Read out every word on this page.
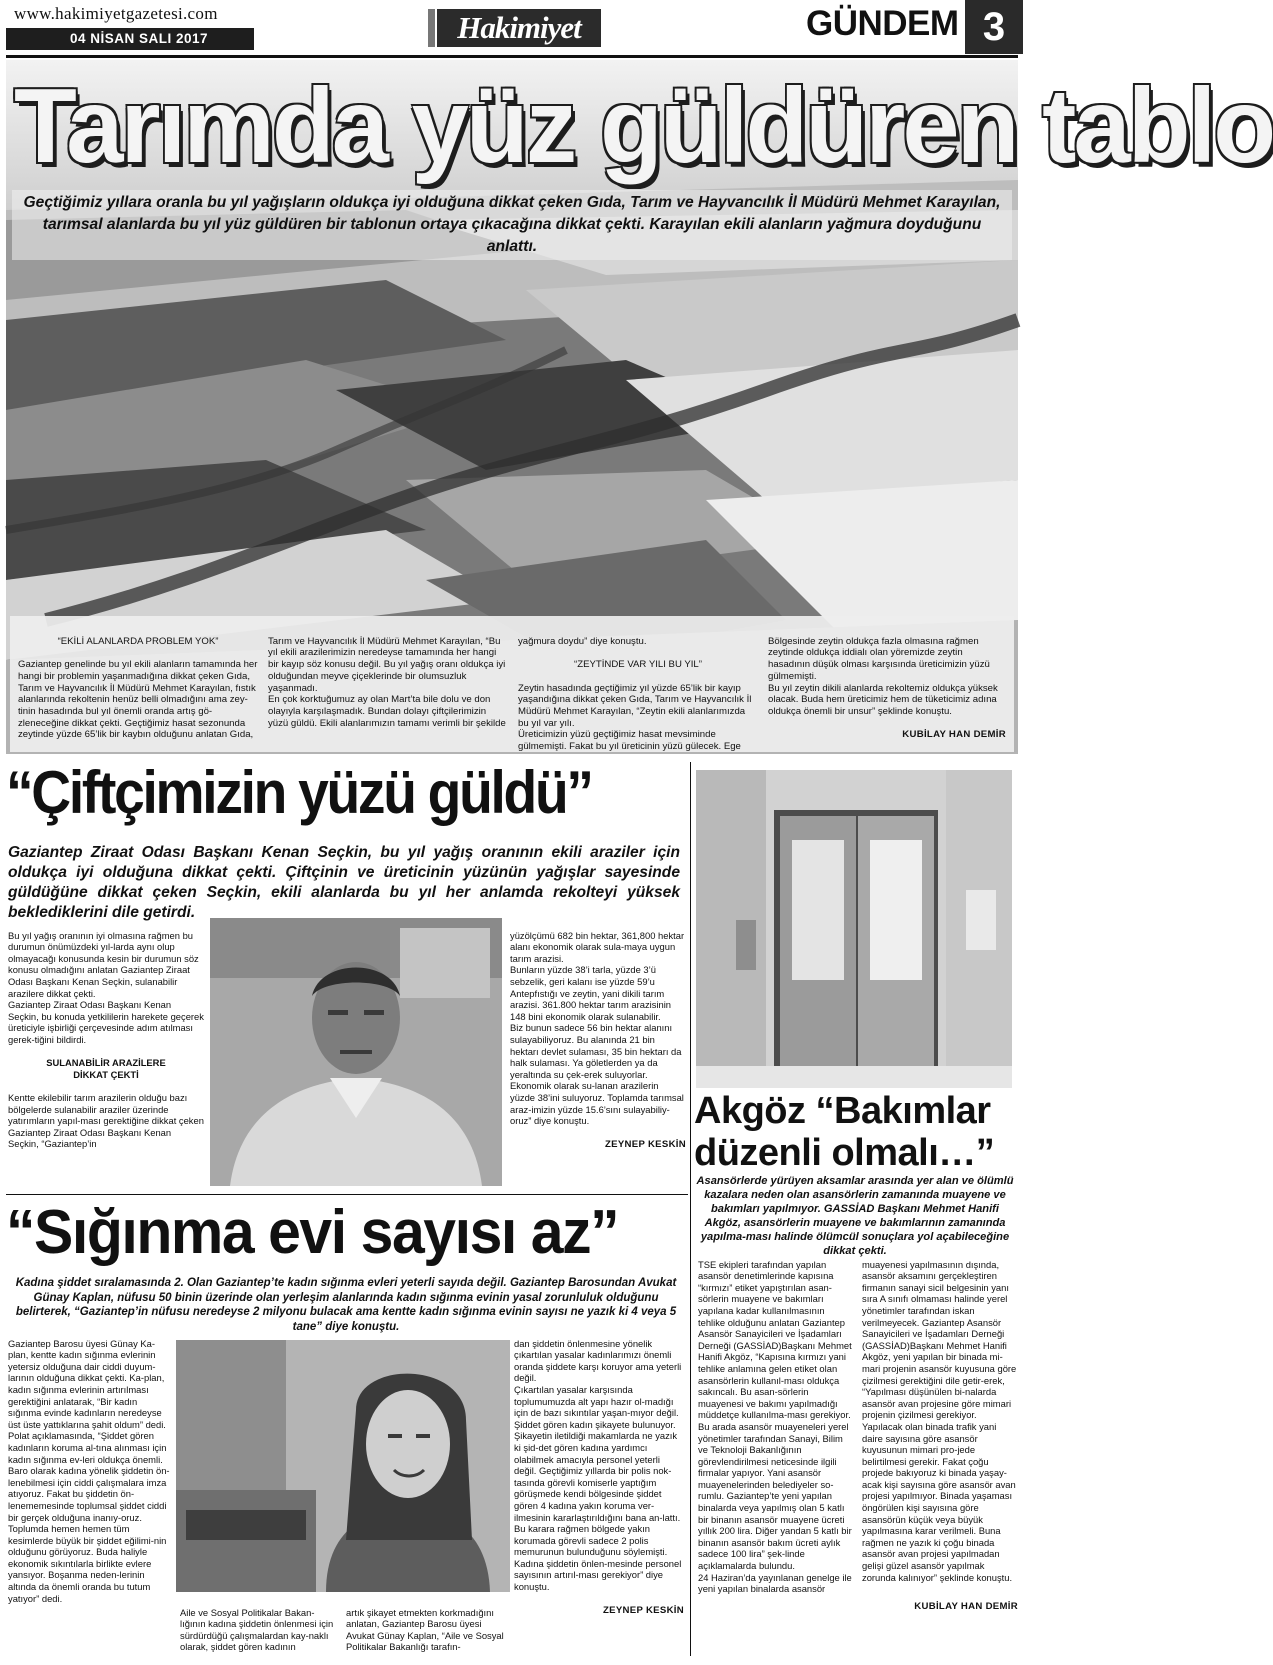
www.hakimiyetgazetesi.com
04 NİSAN SALI 2017	Hakimiyet	GÜNDEM 3
Tarımda yüz güldüren tablo
Geçtiğimiz yıllara oranla bu yıl yağışların oldukça iyi olduğuna dikkat çeken Gıda, Tarım ve Hayvancılık İl Müdürü Mehmet Karayılan, tarımsal alanlarda bu yıl yüz güldüren bir tablonun ortaya çıkacağına dikkat çekti. Karayılan ekili alanların yağmura doyduğunu anlattı.

“EKİLİ ALANLARDA PROBLEM YOK”

Gaziantep genelinde bu yıl ekili alanların tamamında her hangi bir problemin yaşanmadığına dikkat çeken Gıda, Tarım ve Hayvancılık İl Müdürü Mehmet Karayılan, fıstık alanlarında rekoltenin henüz belli olmadığını ama zey-tinin hasadında bul yıl önemli oranda artış gö-zleneceğine dikkat çekti. Geçtiğimiz hasat sezonunda zeytinde yüzde 65’lik bir kaybın olduğunu anlatan Gıda,

Tarım ve Hayvancılık İl Müdürü Mehmet Karayılan, “Bu yıl ekili arazilerimizin neredeyse tamamında her hangi bir kayıp söz konusu değil. Bu yıl yağış oranı oldukça iyi olduğundan meyve çiçeklerinde bir olumsuzluk yaşanmadı.
En çok korktuğumuz ay olan Mart’ta bile dolu ve don olayıyla karşılaşmadık. Bundan dolayı çiftçilerimizin yüzü güldü. Ekili alanlarımızın tamamı verimli bir şekilde

yağmura doydu” diye konuştu.

“ZEYTİNDE VAR YILI BU YIL”

Zeytin hasadında geçtiğimiz yıl yüzde 65’lik bir kayıp yaşandığına dikkat çeken Gıda, Tarım ve Hayvancılık İl Müdürü Mehmet Karayılan, “Zeytin ekili alanlarımızda bu yıl var yılı.
Üreticimizin yüzü geçtiğimiz hasat mevsiminde gülmemişti. Fakat bu yıl üreticinin yüzü gülecek. Ege

Bölgesinde zeytin oldukça fazla olmasına rağmen zeytinde oldukça iddialı olan yöremizde zeytin hasadının düşük olması karşısında üreticimizin yüzü gülmemişti.
Bu yıl zeytin dikili alanlarda rekoltemiz oldukça yüksek olacak. Buda hem üreticimiz hem de tüketicimiz adına oldukça önemli bir unsur” şeklinde konuştu.

KUBİLAY HAN DEMİR

“Çiftçimizin yüzü güldü”
Gaziantep Ziraat Odası Başkanı Kenan Seçkin, bu yıl yağış oranının ekili araziler için oldukça iyi olduğuna dikkat çekti. Çiftçinin ve üreticinin yüzünün yağışlar sayesinde güldüğüne dikkat çeken Seçkin, ekili alanlarda bu yıl her anlamda rekolteyi yüksek beklediklerini dile getirdi.

Bu yıl yağış oranının iyi olmasına rağmen bu durumun önümüzdeki yıl-larda aynı olup olmayacağı konusunda kesin bir durumun söz konusu olmadığını anlatan Gaziantep Ziraat Odası Başkanı Kenan Seçkin, sulanabilir arazilere dikkat çekti.
Gaziantep Ziraat Odası Başkanı Kenan Seçkin, bu konuda yetkililerin harekete geçerek üreticiyle işbirliği çerçevesinde adım atılması gerek-tiğini bildirdi.

SULANABİLİR ARAZİLERE
DİKKAT ÇEKTİ

Kentte ekilebilir tarım arazilerin olduğu bazı bölgelerde sulanabilir araziler üzerinde yatırımların yapıl-ması gerektiğine dikkat çeken Gaziantep Ziraat Odası Başkanı Kenan Seçkin, “Gaziantep’in

yüzölçümü 682 bin hektar, 361,800 hektar alanı ekonomik olarak sula-maya uygun tarım arazisi.
Bunların yüzde 38’i tarla, yüzde 3’ü sebzelik, geri kalanı ise yüzde 59’u Antepfıstığı ve zeytin, yani dikili tarım arazisi. 361.800 hektar tarım arazisinin 148 bini ekonomik olarak sulanabilir.
Biz bunun sadece 56 bin hektar alanını sulayabiliyoruz. Bu alanında 21 bin hektarı devlet sulaması, 35 bin hektarı da halk sulaması. Ya göletlerden ya da yeraltında su çek-erek suluyorlar. Ekonomik olarak su-lanan arazilerin yüzde 38’ini suluyoruz. Toplamda tarımsal araz-imizin yüzde 15.6’sını sulayabiliy-oruz” diye konuştu.

ZEYNEP KESKİN

Akgöz “Bakımlar
düzenli olmalı…”
Asansörlerde yürüyen aksamlar arasında yer alan ve ölümlü kazalara neden olan asansörlerin zamanında muayene ve bakımları yapılmıyor. GASSİAD Başkanı Mehmet Hanifi Akgöz, asansörlerin muayene ve bakımlarının zamanında yapılma-ması halinde ölümcül sonuçlara yol açabileceğine dikkat çekti.

TSE ekipleri tarafından yapılan asansör denetimlerinde kapısına “kırmızı” etiket yapıştırılan asan-sörlerin muayene ve bakımları yapılana kadar kullanılmasının tehlike olduğunu anlatan Gaziantep Asansör Sanayicileri ve İşadamları Derneği (GASSİAD)Başkanı Mehmet Hanifi Akgöz, “Kapısına kırmızı yani tehlike anlamına gelen etiket olan asansörlerin kullanıl-ması oldukça sakıncalı. Bu asan-sörlerin muayenesi ve bakımı yapılmadığı müddetçe kullanılma-ması gerekiyor. Bu arada asansör muayeneleri yerel yönetimler tarafından Sanayi, Bilim ve Teknoloji Bakanlığının görevlendirilmesi neticesinde ilgili firmalar yapıyor. Yani asansör muayenelerinden belediyeler so-rumlu. Gaziantep’te yeni yapılan binalarda veya yapılmış olan 5 katlı bir binanın asansör muayene ücreti yıllık 200 lira. Diğer yandan 5 katlı bir binanın asansör bakım ücreti aylık sadece 100 lira” şek-linde açıklamalarda bulundu.
24 Haziran’da yayınlanan genelge ile yeni yapılan binalarda asansör

muayenesi yapılmasının dışında, asansör aksamını gerçekleştiren firmanın sanayi sicil belgesinin yanı sıra A sınıfı olmaması halinde yerel yönetimler tarafından iskan verilmeyecek. Gaziantep Asansör Sanayicileri ve İşadamları Derneği (GASSİAD)Başkanı Mehmet Hanifi Akgöz, yeni yapılan bir binada mi-mari projenin asansör kuyusuna göre çizilmesi gerektiğini dile getir-erek, “Yapılması düşünülen bi-nalarda asansör avan projesine göre mimari projenin çizilmesi gerekiyor. Yapılacak olan binada trafik yani daire sayısına göre asansör kuyusunun mimari pro-jede belirtilmesi gerekir. Fakat çoğu projede bakıyoruz ki binada yaşay-acak kişi sayısına göre asansör avan projesi yapılmıyor. Binada yaşaması öngörülen kişi sayısına göre asansörün küçük veya büyük yapılmasına karar verilmeli. Buna rağmen ne yazık ki çoğu binada asansör avan projesi yapılmadan gelişi güzel asansör yapılmak zorunda kalınıyor” şeklinde konuştu.

KUBİLAY HAN DEMİR

“Sığınma evi sayısı az”
Kadına şiddet sıralamasında 2. Olan Gaziantep’te kadın sığınma evleri yeterli sayıda değil. Gaziantep Barosundan Avukat Günay Kaplan, nüfusu 50 binin üzerinde olan yerleşim alanlarında kadın sığınma evinin yasal zorunluluk olduğunu belirterek, “Gaziantep’in nüfusu neredeyse 2 milyonu bulacak ama kentte kadın sığınma evinin sayısı ne yazık ki 4 veya 5 tane” diye konuştu.

Gaziantep Barosu üyesi Günay Ka-plan, kentte kadın sığınma evlerinin yetersiz olduğuna dair ciddi duyum-larının olduğuna dikkat çekti. Ka-plan, kadın sığınma evlerinin artırılması gerektiğini anlatarak, “Bir kadın sığınma evinde kadınların neredeyse üst üste yattıklarına şahit oldum” dedi. Polat açıklamasında, “Şiddet gören kadınların koruma al-tına alınması için kadın sığınma ev-leri oldukça önemli. Baro olarak kadına yönelik şiddetin ön-lenebilmesi için ciddi çalışmalara imza atıyoruz. Fakat bu şiddetin ön-lenememesinde toplumsal şiddet ciddi bir gerçek olduğuna inanıy-oruz. Toplumda hemen hemen tüm kesimlerde büyük bir şiddet eğilimi-nin olduğunu görüyoruz. Buda haliyle ekonomik sıkıntılarla birlikte evlere yansıyor. Boşanma neden-lerinin altında da önemli oranda bu tutum yatıyor” dedi.

Aile ve Sosyal Politikalar Bakan-lığının kadına şiddetin önlenmesi için sürdürdüğü çalışmalardan kay-naklı olarak, şiddet gören kadının

artık şikayet etmekten korkmadığını anlatan, Gaziantep Barosu üyesi Avukat Günay Kaplan, “Aile ve Sosyal Politikalar Bakanlığı tarafın-

dan şiddetin önlenmesine yönelik çıkartılan yasalar kadınlarımızı önemli oranda şiddete karşı koruyor ama yeterli değil.
Çıkartılan yasalar karşısında toplumumuzda alt yapı hazır ol-madığı için de bazı sıkıntılar yaşan-mıyor değil. Şiddet gören kadın şikayete bulunuyor. Şikayetin iletildiği makamlarda ne yazık ki şid-det gören kadına yardımcı olabilmek amacıyla personel yeterli değil. Geçtiğimiz yıllarda bir polis nok-tasında görevli komiserle yaptığım görüşmede kendi bölgesinde şiddet gören 4 kadına yakın koruma ver-ilmesinin kararlaştırıldığını bana an-lattı. Bu karara rağmen bölgede yakın korumada görevli sadece 2 polis memurunun bulunduğunu söylemişti. Kadına şiddetin önlen-mesinde personel sayısının artırıl-ması gerekiyor” diye konuştu.

ZEYNEP KESKİN
